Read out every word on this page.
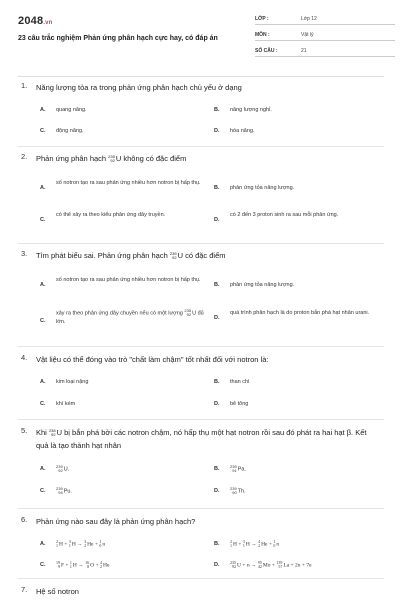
2048.vn
23 câu trắc nghiệm Phản ứng phân hạch cực hay, có đáp án
LỚP :	Lớp 12
MÔN :	Vật lý
SỐ CÂU :	21
1. Năng lượng tỏa ra trong phản ứng phân hạch chủ yếu ở dạng
A. quang năng.	B. năng lượng nghỉ.
C. động năng.	D. hóa năng.
2. Phản ứng phân hạch 235
92 U không có đặc điểm
A.
số notron tạo ra sau phản ứng nhiều hơn notron bị hấp thụ.
B. phản ứng tỏa năng lượng.
C.
có thể xảy ra theo kiểu phản ứng dây truyền.
D.
có 2 đến 3 proton sinh ra sau mỗi phản ứng.
3. Tìm phát biểu sai. Phản ứng phân hạch 235
92 U có đặc điểm
A.
số notron tạo ra sau phản ứng nhiều hơn notron bị hấp thụ.
B. phản ứng tỏa năng lượng.
C.
xảy ra theo phản ứng dây chuyền nếu có một lượng 235
92 U đủ lớn.
D.
quá trình phân hạch là do proton bắn phá hạt nhân urani.
4. Vật liệu có thể đóng vào trò "chất làm chậm" tốt nhất đối với notron là:
A. kim loại nặng	B. than chì
C. khí kém	D. bê tông
5. Khi 238
92 U bị bắn phá bởi các notron chậm, nó hấp thụ một hạt notron rồi sau đó phát ra hai hạt β. Kết quả là tạo thành hạt nhân
A.	239
92 U.	B.	239
91 Pa.
C.	239
94 Pu.	D.	239
90 Th.
6. Phản ứng nào sau đây là phản ứng phân hạch?
A.	2
1 H + 3
1 H → 3
2 He + 1
0 n	B.	2
1 H + 3
1 H → 4
2 He + 1
0 n
C.	19
9 F + 1
1 H → 16
8 O + 4
2 He	D.	235
92 U + n → 95
42 Mo + 139
57 La + 2n + 7e
7. Hệ số notron
